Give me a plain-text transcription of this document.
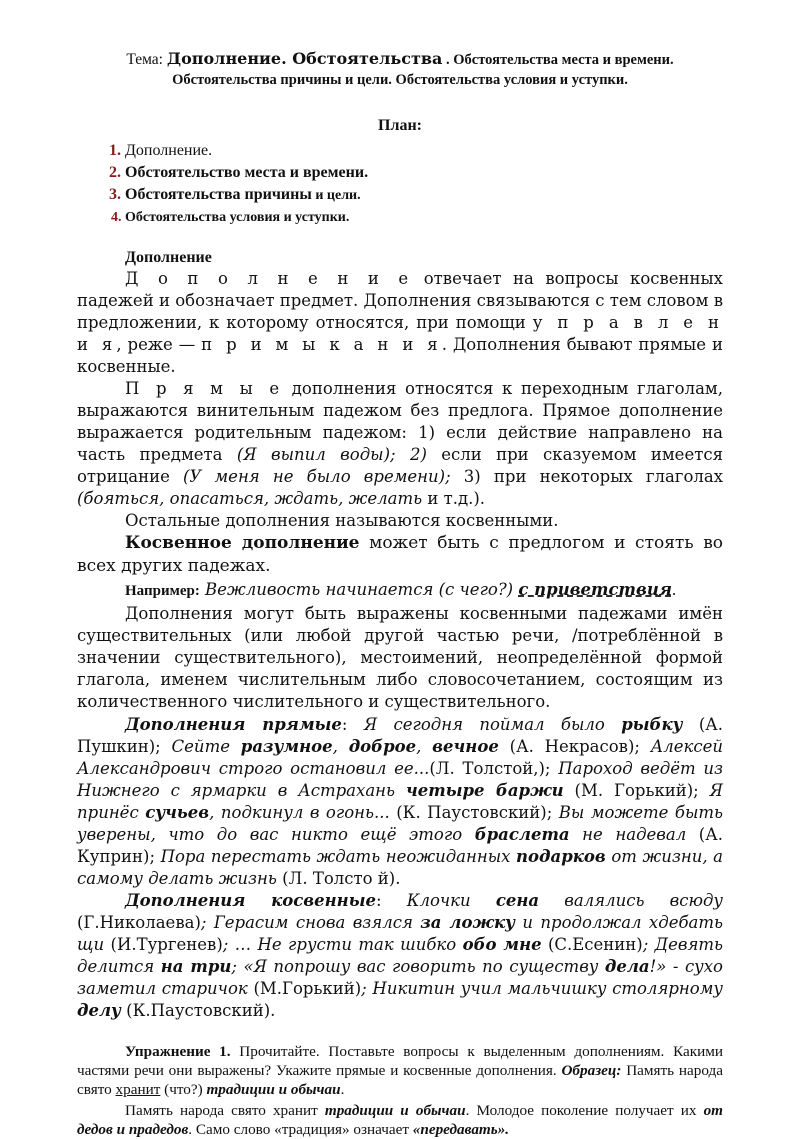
Тема: Дополнение. Обстоятельства . Обстоятельства места и времени.
Обстоятельства причины и цели. Обстоятельства условия и уступки.
План:
1. Дополнение.
2. Обстоятельство места и времени.
3. Обстоятельства причины и цели.
4. Обстоятельства условия и уступки.
Дополнение

Д о п о л н е н и е отвечает на вопросы косвенных падежей и обозначает предмет. Дополнения связываются с тем словом в предложении, к которому относятся, при помощи у п р а в л е н и я, реже — п р и м ы к а н и я. Дополнения бывают прямые и косвенные.

П р я м ы е дополнения относятся к переходным глаголам, выражаются винительным падежом без предлога. Прямое дополнение выражается родительным падежом: 1) если действие направлено на часть предмета (Я выпил воды); 2) если при сказуемом имеется отрицание (У меня не было времени); 3) при некоторых глаголах (бояться, опасаться, ждать, желать и т.д.).

Остальные дополнения называются косвенными.

Косвенное дополнение может быть с предлогом и стоять во всех других падежах.

Например: Вежливость начинается (с чего?) с приветствия.

Дополнения могут быть выражены косвенными падежами имён существительных (или любой другой частью речи, /потреблённой в значении существительного), местоимений, неопределённой формой глагола, именем числительным либо словосочетанием, состоящим из количественного числительного и существительного.

Дополнения прямые: Я сегодня поймал было рыбку (А. Пушкин); Сейте разумное, доброе, вечное (А. Некрасов); Алексей Александрович строго остановил ее...(Л. Толстой,); Пароход ведёт из Нижнего с ярмарки в Астрахань четыре баржи (М. Горький); Я принёс сучьев, подкинул в огонь... (К. Паустовский); Вы можете быть уверены, что до вас никто ещё этого браслета не надевал (А. Куприн); Пора перестать ждать неожиданных подарков от жизни, а самому делать жизнь (Л. Толсто й).

Дополнения косвенные: Клочки сена валялись всюду (Г.Николаева); Герасим снова взялся за ложку и продолжал хдебать щи (И.Тургенев); … Не грусти так шибко обо мне (С.Есенин); Девять делится на три; «Я попрошу вас говорить по существу дела!» - сухо заметил старичок (М.Горький); Никитин учил мальчишку столярному делу (К.Паустовский).

Упражнение 1. Прочитайте. Поставьте вопросы к выделенным дополнениям. Какими частями речи они выражены? Укажите прямые и косвенные дополнения. Образец: Память народа свято хранит (что?) традиции и обычаи.

Память народа свято хранит традиции и обычаи. Молодое поколение получает их от дедов и прадедов. Само слово «традиция» означает «передавать».
